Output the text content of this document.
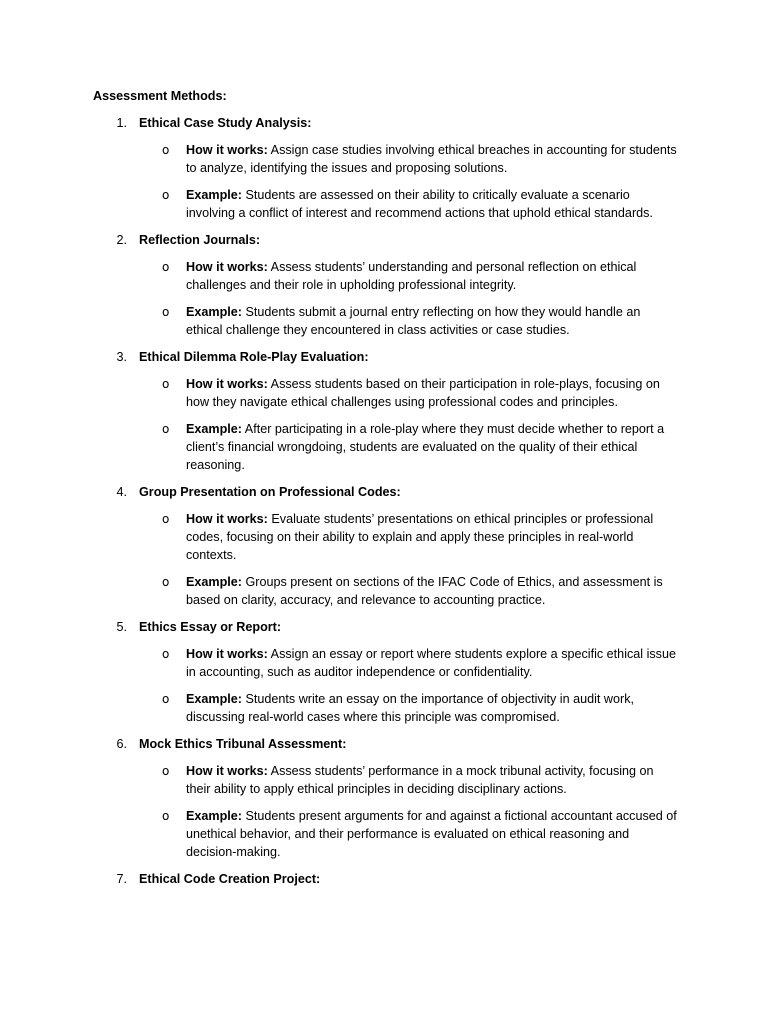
Assessment Methods:
1. Ethical Case Study Analysis:
o How it works: Assign case studies involving ethical breaches in accounting for students to analyze, identifying the issues and proposing solutions.
o Example: Students are assessed on their ability to critically evaluate a scenario involving a conflict of interest and recommend actions that uphold ethical standards.
2. Reflection Journals:
o How it works: Assess students’ understanding and personal reflection on ethical challenges and their role in upholding professional integrity.
o Example: Students submit a journal entry reflecting on how they would handle an ethical challenge they encountered in class activities or case studies.
3. Ethical Dilemma Role-Play Evaluation:
o How it works: Assess students based on their participation in role-plays, focusing on how they navigate ethical challenges using professional codes and principles.
o Example: After participating in a role-play where they must decide whether to report a client’s financial wrongdoing, students are evaluated on the quality of their ethical reasoning.
4. Group Presentation on Professional Codes:
o How it works: Evaluate students’ presentations on ethical principles or professional codes, focusing on their ability to explain and apply these principles in real-world contexts.
o Example: Groups present on sections of the IFAC Code of Ethics, and assessment is based on clarity, accuracy, and relevance to accounting practice.
5. Ethics Essay or Report:
o How it works: Assign an essay or report where students explore a specific ethical issue in accounting, such as auditor independence or confidentiality.
o Example: Students write an essay on the importance of objectivity in audit work, discussing real-world cases where this principle was compromised.
6. Mock Ethics Tribunal Assessment:
o How it works: Assess students’ performance in a mock tribunal activity, focusing on their ability to apply ethical principles in deciding disciplinary actions.
o Example: Students present arguments for and against a fictional accountant accused of unethical behavior, and their performance is evaluated on ethical reasoning and decision-making.
7. Ethical Code Creation Project:
